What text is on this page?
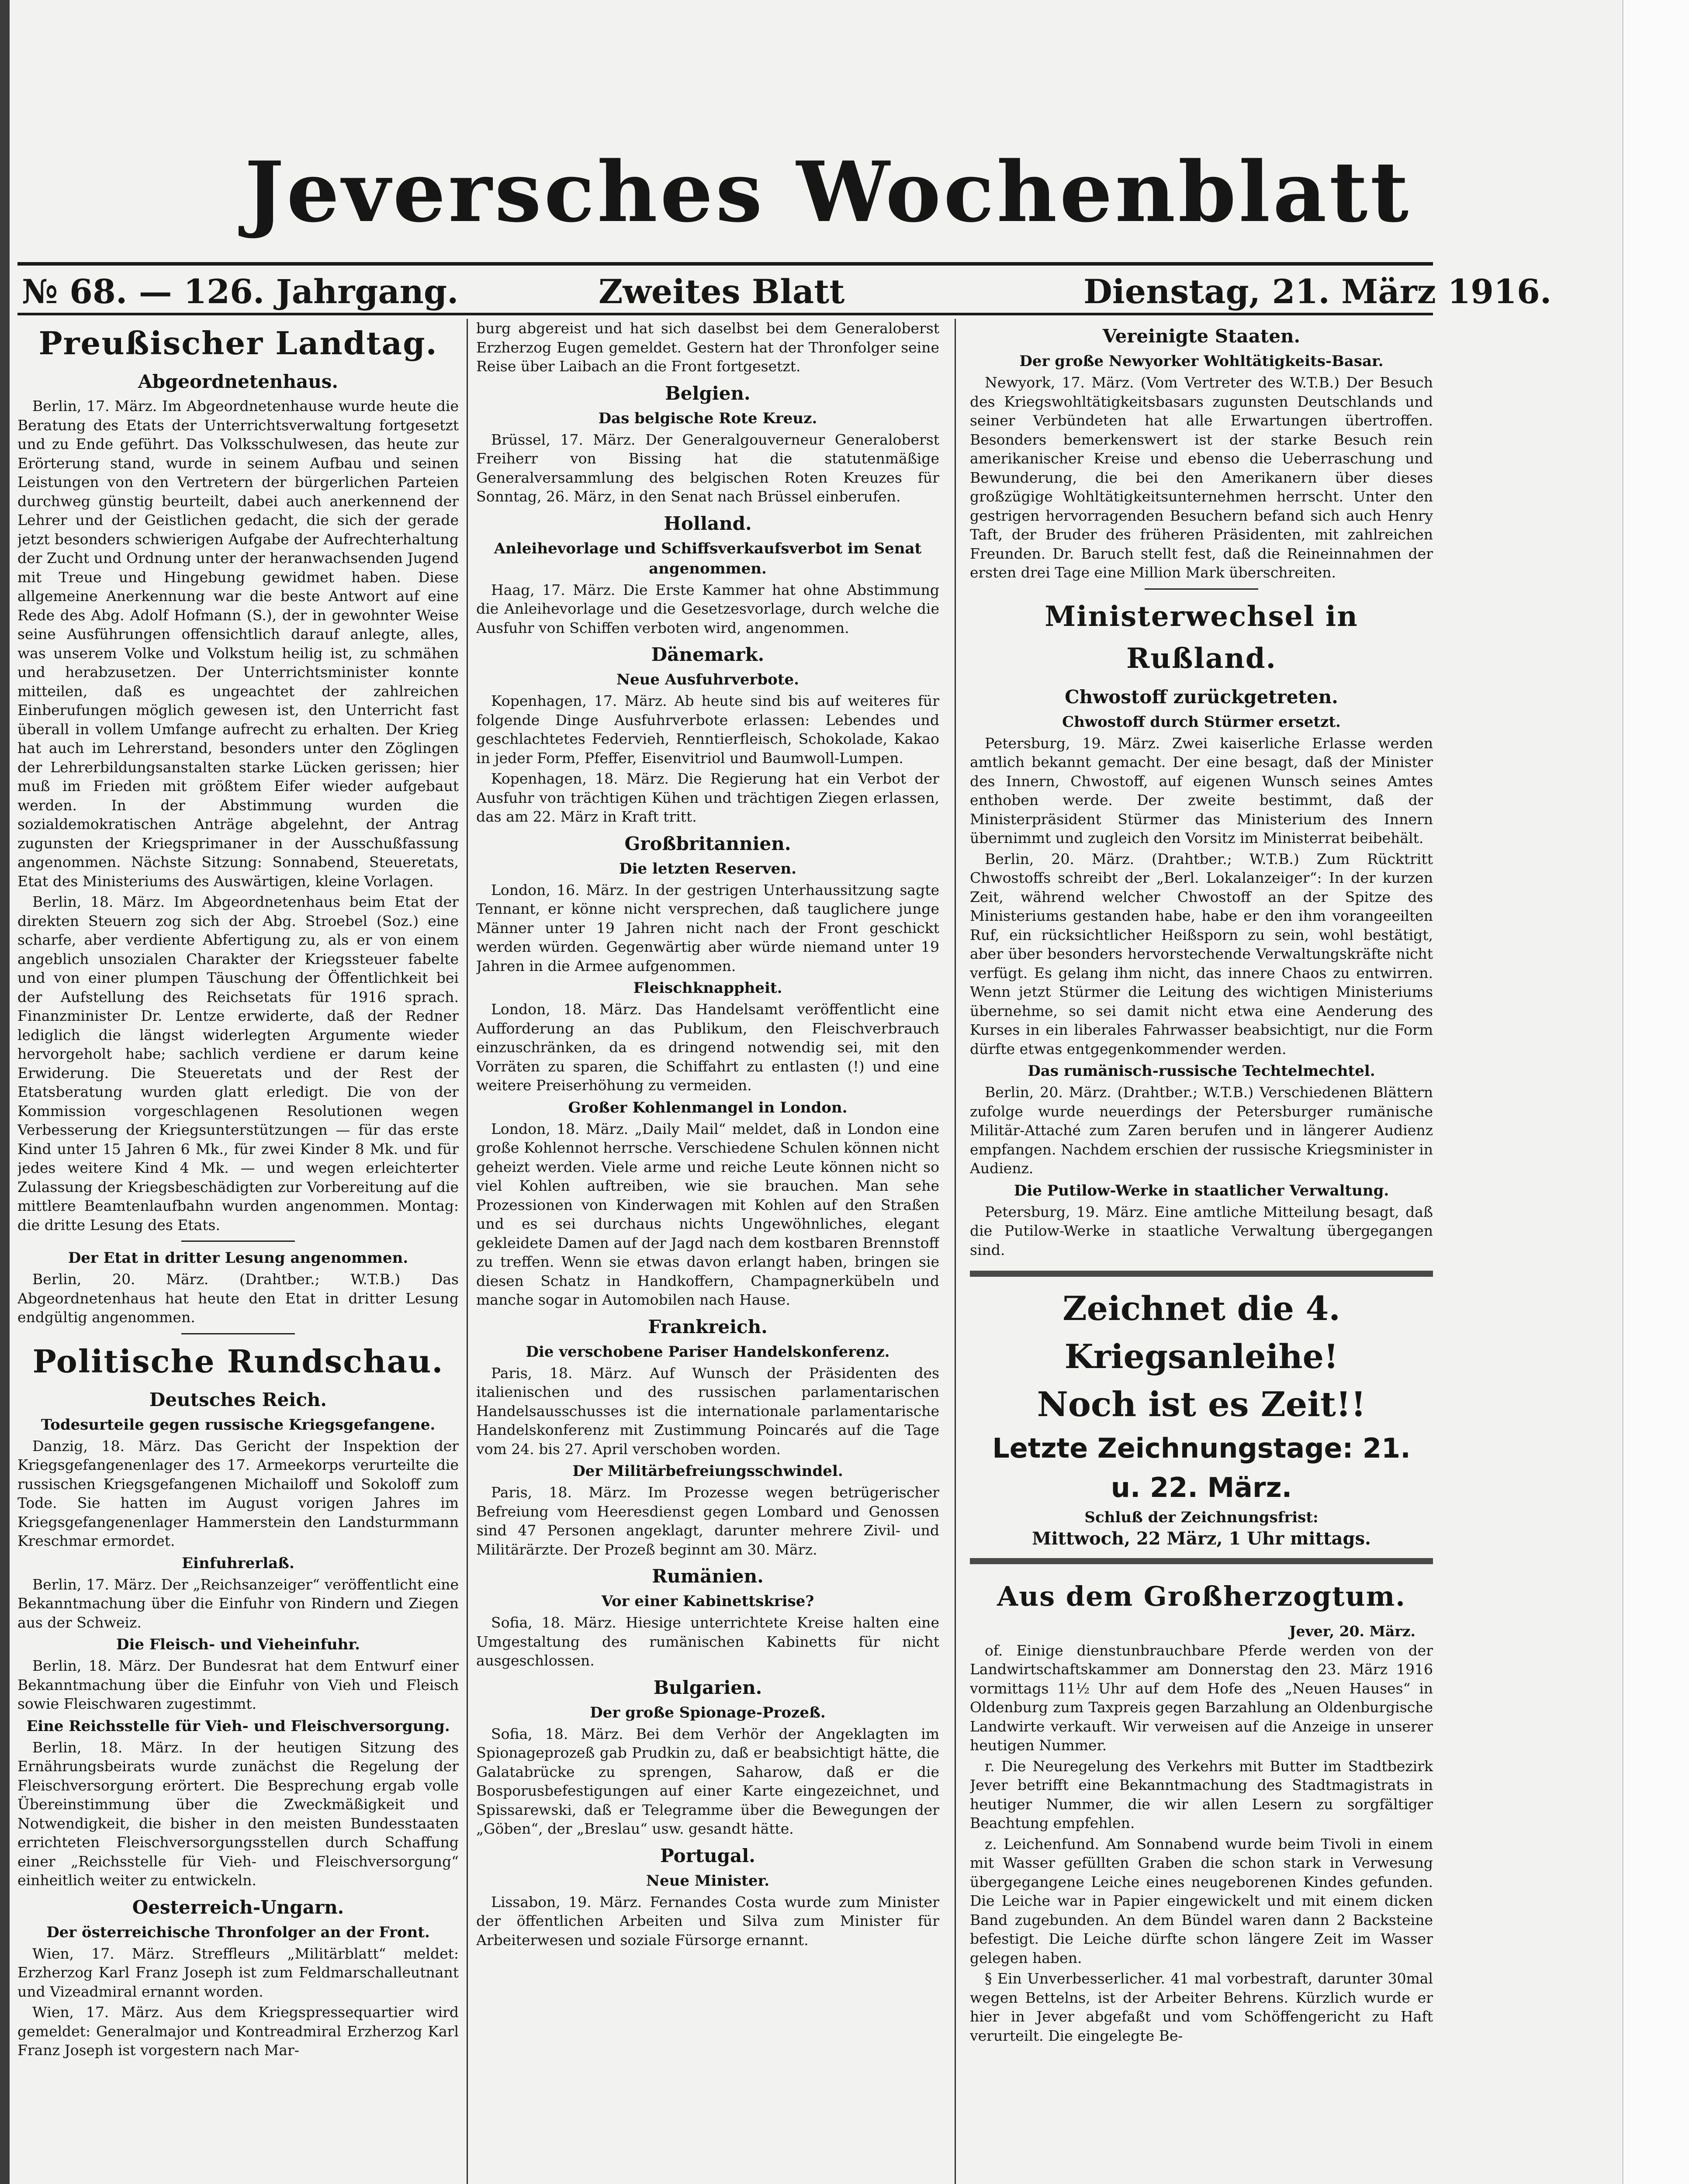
Jeversches Wochenblatt
№ 68. — 126. Jahrgang.	Zweites Blatt	Dienstag, 21. März 1916.
Preußischer Landtag.
Abgeordnetenhaus.

Berlin, 17. März. Im Abgeordnetenhause wurde heute die Beratung des Etats der Unterrichtsverwaltung fortgesetzt und zu Ende geführt. Das Volksschulwesen, das heute zur Erörterung stand, wurde in seinem Aufbau und seinen Leistungen von den Vertretern der bürgerlichen Parteien durchweg günstig beurteilt, dabei auch anerkennend der Lehrer und der Geistlichen gedacht, die sich der gerade jetzt besonders schwierigen Aufgabe der Aufrechterhaltung der Zucht und Ordnung unter der heranwachsenden Jugend mit Treue und Hingebung gewidmet haben. Diese allgemeine Anerkennung war die beste Antwort auf eine Rede des Abg. Adolf Hofmann (S.), der in gewohnter Weise seine Ausführungen offensichtlich darauf anlegte, alles, was unserem Volke und Volkstum heilig ist, zu schmähen und herabzusetzen. Der Unterrichtsminister konnte mitteilen, daß es ungeachtet der zahlreichen Einberufungen möglich gewesen ist, den Unterricht fast überall in vollem Umfange aufrecht zu erhalten. Der Krieg hat auch im Lehrerstand, besonders unter den Zöglingen der Lehrerbildungsanstalten starke Lücken gerissen; hier muß im Frieden mit größtem Eifer wieder aufgebaut werden. In der Abstimmung wurden die sozialdemokratischen Anträge abgelehnt, der Antrag zugunsten der Kriegsprimaner in der Ausschußfassung angenommen. Nächste Sitzung: Sonnabend, Steueretats, Etat des Ministeriums des Auswärtigen, kleine Vorlagen.

Berlin, 18. März. Im Abgeordnetenhaus beim Etat der direkten Steuern zog sich der Abg. Stroebel (Soz.) eine scharfe, aber verdiente Abfertigung zu, als er von einem angeblich unsozialen Charakter der Kriegssteuer fabelte und von einer plumpen Täuschung der Öffentlichkeit bei der Aufstellung des Reichsetats für 1916 sprach. Finanzminister Dr. Lentze erwiderte, daß der Redner lediglich die längst widerlegten Argumente wieder hervorgeholt habe; sachlich verdiene er darum keine Erwiderung. Die Steueretats und der Rest der Etatsberatung wurden glatt erledigt. Die von der Kommission vorgeschlagenen Resolutionen wegen Verbesserung der Kriegsunterstützungen — für das erste Kind unter 15 Jahren 6 Mk., für zwei Kinder 8 Mk. und für jedes weitere Kind 4 Mk. — und wegen erleichterter Zulassung der Kriegsbeschädigten zur Vorbereitung auf die mittlere Beamtenlaufbahn wurden angenommen. Montag: die dritte Lesung des Etats.

Der Etat in dritter Lesung angenommen.

Berlin, 20. März. (Drahtber.; W.T.B.) Das Abgeordnetenhaus hat heute den Etat in dritter Lesung endgültig angenommen.

Politische Rundschau.
Deutsches Reich.
Todesurteile gegen russische Kriegsgefangene.

Danzig, 18. März. Das Gericht der Inspektion der Kriegsgefangenenlager des 17. Armeekorps verurteilte die russischen Kriegsgefangenen Michailoff und Sokoloff zum Tode. Sie hatten im August vorigen Jahres im Kriegsgefangenenlager Hammerstein den Landsturmmann Kreschmar ermordet.

Einfuhrerlaß.

Berlin, 17. März. Der „Reichsanzeiger“ veröffentlicht eine Bekanntmachung über die Einfuhr von Rindern und Ziegen aus der Schweiz.

Die Fleisch- und Vieheinfuhr.

Berlin, 18. März. Der Bundesrat hat dem Entwurf einer Bekanntmachung über die Einfuhr von Vieh und Fleisch sowie Fleischwaren zugestimmt.

Eine Reichsstelle für Vieh- und Fleischversorgung.

Berlin, 18. März. In der heutigen Sitzung des Ernährungsbeirats wurde zunächst die Regelung der Fleischversorgung erörtert. Die Besprechung ergab volle Übereinstimmung über die Zweckmäßigkeit und Notwendigkeit, die bisher in den meisten Bundesstaaten errichteten Fleischversorgungsstellen durch Schaffung einer „Reichsstelle für Vieh- und Fleischversorgung“ einheitlich weiter zu entwickeln.

Oesterreich-Ungarn.
Der österreichische Thronfolger an der Front.

Wien, 17. März. Streffleurs „Militärblatt“ meldet: Erzherzog Karl Franz Joseph ist zum Feldmarschalleutnant und Vizeadmiral ernannt worden.

Wien, 17. März. Aus dem Kriegspressequartier wird gemeldet: Generalmajor und Kontreadmiral Erzherzog Karl Franz Joseph ist vorgestern nach Mar-

burg abgereist und hat sich daselbst bei dem Generaloberst Erzherzog Eugen gemeldet. Gestern hat der Thronfolger seine Reise über Laibach an die Front fortgesetzt.

Belgien.
Das belgische Rote Kreuz.

Brüssel, 17. März. Der Generalgouverneur Generaloberst Freiherr von Bissing hat die statutenmäßige Generalversammlung des belgischen Roten Kreuzes für Sonntag, 26. März, in den Senat nach Brüssel einberufen.

Holland.
Anleihevorlage und Schiffsverkaufsverbot im Senat angenommen.

Haag, 17. März. Die Erste Kammer hat ohne Abstimmung die Anleihevorlage und die Gesetzesvorlage, durch welche die Ausfuhr von Schiffen verboten wird, angenommen.

Dänemark.
Neue Ausfuhrverbote.

Kopenhagen, 17. März. Ab heute sind bis auf weiteres für folgende Dinge Ausfuhrverbote erlassen: Lebendes und geschlachtetes Federvieh, Renntierfleisch, Schokolade, Kakao in jeder Form, Pfeffer, Eisenvitriol und Baumwoll-Lumpen.

Kopenhagen, 18. März. Die Regierung hat ein Verbot der Ausfuhr von trächtigen Kühen und trächtigen Ziegen erlassen, das am 22. März in Kraft tritt.

Großbritannien.
Die letzten Reserven.

London, 16. März. In der gestrigen Unterhaussitzung sagte Tennant, er könne nicht versprechen, daß tauglichere junge Männer unter 19 Jahren nicht nach der Front geschickt werden würden. Gegenwärtig aber würde niemand unter 19 Jahren in die Armee aufgenommen.

Fleischknappheit.

London, 18. März. Das Handelsamt veröffentlicht eine Aufforderung an das Publikum, den Fleischverbrauch einzuschränken, da es dringend notwendig sei, mit den Vorräten zu sparen, die Schiffahrt zu entlasten (!) und eine weitere Preiserhöhung zu vermeiden.

Großer Kohlenmangel in London.

London, 18. März. „Daily Mail“ meldet, daß in London eine große Kohlennot herrsche. Verschiedene Schulen können nicht geheizt werden. Viele arme und reiche Leute können nicht so viel Kohlen auftreiben, wie sie brauchen. Man sehe Prozessionen von Kinderwagen mit Kohlen auf den Straßen und es sei durchaus nichts Ungewöhnliches, elegant gekleidete Damen auf der Jagd nach dem kostbaren Brennstoff zu treffen. Wenn sie etwas davon erlangt haben, bringen sie diesen Schatz in Handkoffern, Champagnerkübeln und manche sogar in Automobilen nach Hause.

Frankreich.
Die verschobene Pariser Handelskonferenz.

Paris, 18. März. Auf Wunsch der Präsidenten des italienischen und des russischen parlamentarischen Handelsausschusses ist die internationale parlamentarische Handelskonferenz mit Zustimmung Poincarés auf die Tage vom 24. bis 27. April verschoben worden.

Der Militärbefreiungsschwindel.

Paris, 18. März. Im Prozesse wegen betrügerischer Befreiung vom Heeresdienst gegen Lombard und Genossen sind 47 Personen angeklagt, darunter mehrere Zivil- und Militärärzte. Der Prozeß beginnt am 30. März.

Rumänien.
Vor einer Kabinettskrise?

Sofia, 18. März. Hiesige unterrichtete Kreise halten eine Umgestaltung des rumänischen Kabinetts für nicht ausgeschlossen.

Bulgarien.
Der große Spionage-Prozeß.

Sofia, 18. März. Bei dem Verhör der Angeklagten im Spionageprozeß gab Prudkin zu, daß er beabsichtigt hätte, die Galatabrücke zu sprengen, Saharow, daß er die Bosporusbefestigungen auf einer Karte eingezeichnet, und Spissarewski, daß er Telegramme über die Bewegungen der „Göben“, der „Breslau“ usw. gesandt hätte.

Portugal.
Neue Minister.

Lissabon, 19. März. Fernandes Costa wurde zum Minister der öffentlichen Arbeiten und Silva zum Minister für Arbeiterwesen und soziale Fürsorge ernannt.

Vereinigte Staaten.
Der große Newyorker Wohltätigkeits-Basar.

Newyork, 17. März. (Vom Vertreter des W.T.B.) Der Besuch des Kriegswohltätigkeitsbasars zugunsten Deutschlands und seiner Verbündeten hat alle Erwartungen übertroffen. Besonders bemerkenswert ist der starke Besuch rein amerikanischer Kreise und ebenso die Ueberraschung und Bewunderung, die bei den Amerikanern über dieses großzügige Wohltätigkeitsunternehmen herrscht. Unter den gestrigen hervorragenden Besuchern befand sich auch Henry Taft, der Bruder des früheren Präsidenten, mit zahlreichen Freunden. Dr. Baruch stellt fest, daß die Reineinnahmen der ersten drei Tage eine Million Mark überschreiten.

Ministerwechsel in Rußland.
Chwostoff zurückgetreten.
Chwostoff durch Stürmer ersetzt.

Petersburg, 19. März. Zwei kaiserliche Erlasse werden amtlich bekannt gemacht. Der eine besagt, daß der Minister des Innern, Chwostoff, auf eigenen Wunsch seines Amtes enthoben werde. Der zweite bestimmt, daß der Ministerpräsident Stürmer das Ministerium des Innern übernimmt und zugleich den Vorsitz im Ministerrat beibehält.

Berlin, 20. März. (Drahtber.; W.T.B.) Zum Rücktritt Chwostoffs schreibt der „Berl. Lokalanzeiger“: In der kurzen Zeit, während welcher Chwostoff an der Spitze des Ministeriums gestanden habe, habe er den ihm vorangeeilten Ruf, ein rücksichtlicher Heißsporn zu sein, wohl bestätigt, aber über besonders hervorstechende Verwaltungskräfte nicht verfügt. Es gelang ihm nicht, das innere Chaos zu entwirren. Wenn jetzt Stürmer die Leitung des wichtigen Ministeriums übernehme, so sei damit nicht etwa eine Aenderung des Kurses in ein liberales Fahrwasser beabsichtigt, nur die Form dürfte etwas entgegenkommender werden.

Das rumänisch-russische Techtelmechtel.

Berlin, 20. März. (Drahtber.; W.T.B.) Verschiedenen Blättern zufolge wurde neuerdings der Petersburger rumänische Militär-Attaché zum Zaren berufen und in längerer Audienz empfangen. Nachdem erschien der russische Kriegsminister in Audienz.

Die Putilow-Werke in staatlicher Verwaltung.

Petersburg, 19. März. Eine amtliche Mitteilung besagt, daß die Putilow-Werke in staatliche Verwaltung übergegangen sind.

Zeichnet die 4. Kriegsanleihe!
Noch ist es Zeit!!
Letzte Zeichnungstage: 21. u. 22. März.
Schluß der Zeichnungsfrist:
Mittwoch, 22 März, 1 Uhr mittags.
Aus dem Großherzogtum.
Jever, 20. März.

of. Einige dienstunbrauchbare Pferde werden von der Landwirtschaftskammer am Donnerstag den 23. März 1916 vormittags 11½ Uhr auf dem Hofe des „Neuen Hauses“ in Oldenburg zum Taxpreis gegen Barzahlung an Oldenburgische Landwirte verkauft. Wir verweisen auf die Anzeige in unserer heutigen Nummer.

r. Die Neuregelung des Verkehrs mit Butter im Stadtbezirk Jever betrifft eine Bekanntmachung des Stadtmagistrats in heutiger Nummer, die wir allen Lesern zu sorgfältiger Beachtung empfehlen.

z. Leichenfund. Am Sonnabend wurde beim Tivoli in einem mit Wasser gefüllten Graben die schon stark in Verwesung übergegangene Leiche eines neugeborenen Kindes gefunden. Die Leiche war in Papier eingewickelt und mit einem dicken Band zugebunden. An dem Bündel waren dann 2 Backsteine befestigt. Die Leiche dürfte schon längere Zeit im Wasser gelegen haben.

§ Ein Unverbesserlicher. 41 mal vorbestraft, darunter 30mal wegen Bettelns, ist der Arbeiter Behrens. Kürzlich wurde er hier in Jever abgefaßt und vom Schöffengericht zu Haft verurteilt. Die eingelegte Be-
